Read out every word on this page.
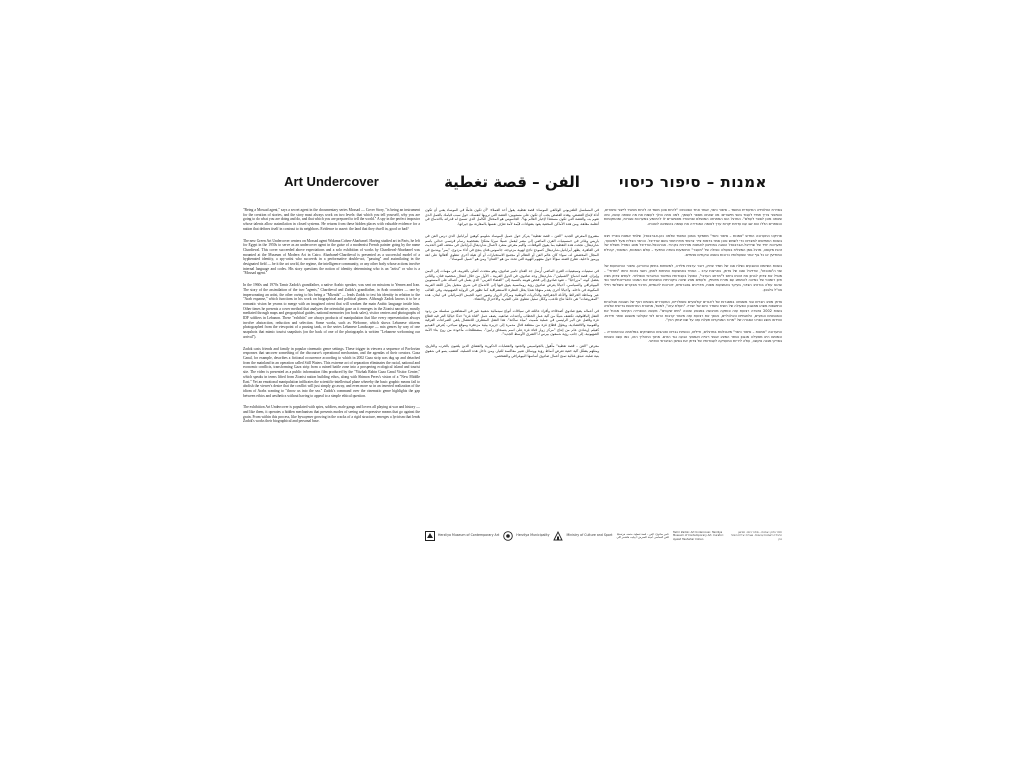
Art Undercover

"Being a Mossad agent," says a secret agent in the documentary series Mossad — Cover Story, "is being an instrument for the creation of stories, and the story must always work on two levels: that which you tell yourself, why you are going to do what you are doing and do, and that which you are prepared to tell the world." A spy in the perfect impostor whose talents allow assimilation in closed systems. He returns from these hidden places with valuable evidence for a nation that defines itself in contrast to its neighbors. Evidence to assert: the land that they dwell in, good or bad?

The new Green Art Undercover centers on Mossad agent Widama Cohen-Abarbanel. Having studied art in Paris, he left for Egypt in the 1950s to serve as an undercover agent in the guise of a modernist French painter going by the name Chardieval. This cover succeeded above expectations and a solo exhibition of works by Chardieval-Abarbanel was mounted at the Museum of Modern Art in Cairo. Abarbanel-Chardieval is presented as a successful model of a hyphenated identity, a spy-artist who succeeds in a performative double-act, "passing" and assimilating in the designated field — be it the art world, the regime, the intelligence community, or any other body whose actions involve internal language and codes. His story questions the notion of identity determining who is an "artist" or who is a "Mossad agent."

In the 1960s and 1970s Tamir Zadok's grandfather, a native Arabic speaker, was sent on missions to Yemen and Iran. The story of the assimilation of the two "agents," Chardieval and Zadok's grandfather, in Arab countries — one by impersonating an artist, the other owing to his being a "Mizrahi" — leads Zadok to test his identity in relation to the "Arab expanse," which functions in his work on biographical and political planes. Although Zadok knows it to be a romantic vision he yearns to merge with an imagined orient that will weaken the main Arabic language inside him. Other times he presents a cover method that analyzes the orientalist gaze as it emerges in the Zionist narrative, mostly mediated through maps and geographical guides, national memories (on book sales), visitor centers and photographs of IDF soldiers in Lebanon. These "exhibits" are always products of manipulation that like every representation always involve abstraction, reduction and selection. Some works, such as Welcome, which shows Lebanese citizens photographed from the viewpoint of a passing tank, or the series Lebanese Landscape — mix genres by way of one snapshots that mimic tourist snapshots (on the back of one of the photographs is written "Lebanese welcoming our arrival").

Zadok casts friends and family in popular cinematic genre settings. These trigger in viewers a sequence of Pavlovian responses that uncover something of the discourse's operational mechanism, and the agendas of their creators. Gaza Canal, for example, describes a fictional occurrence according to which in 2002 Gaza strip was dug up and detached from the mainland in an operation called Still Waters. This extreme act of separation eliminates the racial, national and economic conflicts, transforming Gaza strip from a ruined battle zone into a prospering ecological island and tourist site. The video is presented as a public information film produced by the "Yitzhak Rabin Gaza Canal Visitor Center," which speaks in terms lifted from Zionist nation building ethos, along with Shimon Peres's vision of a "New Middle East." Yet an emotional manipulation infiltrates the scientific-intellectual plane whereby the basic graphic means fail to abolish the viewer's desire that the conflict will just simply go away, and even more so in an inverted realization of the idiom of Arabs wanting to "throw us into the sea." Zadok's command over the cinematic genre highlights the gap between ethics and aesthetics without having to appeal to a simple ethical question.

The exhibition Art Undercover is populated with spies, soldiers, male gangs and lovers all playing at war and history — and like them, it operates a hidden mechanism that presents modes of seeing and expressive means that go against the grain. From within this process, like bywaymer growing in the cracks of a rigid structure, emerges a lyricism that lends Zadok's works their biographical and personal base.

الفن – قصة تغطية

في المسلسل التلفزيوني الوثائقي الموساد: قصة تغطية، يقول أحد العملاء: "أن تكون عاملًا في الموساد يعني أن تكون أداة لإنتاج القصص، وهذه القصص يجب أن تكون على مستويين: القصة التي ترويها لنفسك، حول سبب قيامك بالعمل الذي تقوم به، والقصة التي تكون مستعدًا لإخبار العالم بها". الجاسوس هو المحتال الكامل الذي تسمح له قدراته بالاندماج في أنظمة مغلقة، ومن هذه الأماكن المخفية يعود بشهادات قيّمة لأمة تعرّف نفسها بالمقارنة مع جيرانها.

مشروع المعرض الجديد "الفن – قصة تغطية" يتركز حول عميل الموساد شلومو كوهين أبرابانيل الذي درس الفن في باريس وغادر في خمسينيات القرن الماضي إلى مصر ليعمل عميلًا سريًا متنكرًا بشخصية رسام فرنسي حداثي باسم شارديفال. نجحت هذه التغطية بما يفوق التوقعات، وأقيم معرض منفرد لأعمال شارديفال-أبرابانيل في متحف الفن الحديث في القاهرة. يظهر أبرابانيل-شارديفال كنموذج ناجح لهوية مزدوجة، جاسوس-فنان ينجح في أداء مزدوج، "يمر" ويندمج في المجال المخصص له، سواء كان عالم الفن أو النظام أو مجتمع الاستخبارات أو أي هيئة أخرى تنطوي أفعالها على لغة ورموز داخلية. تطرح قصته سؤالًا حول مفهوم الهوية التي تحدد من هو "الفنان" ومن هو "عميل الموساد".

في ستينيات وسبعينيات القرن الماضي أُرسل جد الفنان تامير صادوق، وهو متحدث أصلي بالعربية، في مهمات إلى اليمن وإيران. قصة اندماج "العميلين"، شارديفال وجد صادوق، في الدول العربية – الأول من خلال انتحال شخصية فنان، والثاني بفضل كونه "مزراحيًا" – تقود صادوق إلى فحص هويته بالنسبة إلى "الفضاء العربي" الذي يعمل في أعماله على المستويين البيوغرافي والسياسي. أحيانًا يعرض صادوق رؤية رومانسية يتوق فيها إلى الاندماج في شرق متخيل يعزّز اللغة العربية المكبوتة في داخله. وأحيانًا أخرى يقدم منهجًا نقديًا يحلل النظرة الاستشراقية كما تظهر في الرواية الصهيونية، وفي الغالب عبر وساطة الخرائط والأدلة الجغرافية والذكريات الوطنية ومراكز الزوار وصور جنود الجيش الإسرائيلي في لبنان. هذه "المعروضات" هي دائمًا نتاج تلاعب، وككل تمثيل تنطوي على التجريد والاختزال والانتقاء.

في أعماله يضع صادوق أصدقاءه وأفراد عائلته في سياقات أنواع سينمائية شعبية تثير في المشاهدين سلسلة من ردود الفعل البافلوفية، تكشف شيئًا من آلية عمل الخطاب وأجندات صانعيه. يصف عمل "قناة غزة" حدثًا خياليًا حُفر فيه قطاع غزة وفُصل عن البر الرئيسي في عملية سُميت "مياه ساكنة". هذا الفعل المتطرف للانفصال يلغي الصراعات العرقية والقومية والاقتصادية، ويحوّل قطاع غزة من منطقة قتال مدمرة إلى جزيرة بيئية مزدهرة وموقع سياحي. يُعرض الفيديو كفيلم إرشادي عام من إنتاج "مركز زوار قناة غزة على اسم يتسحاق رابين"، بمصطلحات مأخوذة من روح بناء الأمة الصهيونية، إلى جانب رؤية شمعون بيرس لـ"الشرق الأوسط الجديد".

معرض "الفن – قصة تغطية" مأهول بالجواسيس والجنود والعصابات الذكورية والعشاق الذين يلعبون بالحرب والتاريخ، ومثلهم يشغّل آلية خفية تعرض أنماط رؤية ووسائل تعبير معاكسة للتيار. ومن داخل هذه العملية، كعشب ينمو في شقوق بنية صلبة، تنبثق غنائية تمنح أعمال صادوق أساسها البيوغرافي والشخصي.

אמנות – סיפור כיסוי

בסדרת הטלוויזיה התיעודית המוסד – סיפור כיסוי, אומר אחד הסוכנים: "להיות סוכן מוסד זה להיות מכשיר לייצור סיפורים, והסיפור צריך תמיד לעבוד בשני מישורים: מה שאתה מספר לעצמך, למה אתה הולך לעשות את מה שאתה עושה, ומה שאתה מוכן לספר לעולם". המרגל הוא המתחזה המושלם שכישוריו מאפשרים לו להיטמע במערכות סגורות, ומהמקומות הנסתרים הללו הוא שב עם עדויות יקרות ערך לאומה המגדירה את עצמה בהשוואה לשכניה.

פרויקט התערוכה החדש "אמנות – סיפור כיסוי" מתמקד בסוכן המוסד שלמה כהן-אברבנאל, שלמד אמנות בפריז ויצא בשנות החמישים למצרים כדי לשמש סוכן סמוי בדמות צייר צרפתי מודרניסטי בשם שרדיבל. הכיסוי הצליח מעל למשוער, ותערוכת יחיד של שרדיבל-אברבנאל הוצגה במוזיאון לאמנות מודרנית בקהיר. אברבנאל-שרדיבל מוצג כמודל מוצלח של זהות מקופה, מרגל-אמן המצליח בפעולה כפולה של "מעבר" והיטמעות בשדה המיועד – עולם האמנות, המשטר, קהילת המודיעין או כל גוף אחר שפעולותיו כרוכות בשפה ובקודים פנימיים.

בשנות השישים והשבעים נשלח סבו של תמיר צדוק, דובר ערבית מלידה, למשימות בתימן ובאיראן. סיפור ההיטמעות של שני ה"סוכנים", שרדיבל וסבו של צדוק, בארצות ערב – האחד באמצעות התחזות לאמן, השני בזכות היותו "מזרחי" – מוביל את צדוק לבחון את זהותו ביחס ל"מרחב הערבי", הפועל בעבודותיו במישור הביוגרפי והפוליטי. לעתים צדוק מציג חזון רומנטי של כמיהה להתמזג עם מזרח מדומיין, ולעתים מציג שיטה ביקורתית המנתחת את המבט האוריינטליסטי כפי שהוא עולה בנרטיב הציוני, בעיקר באמצעות מפות, מדריכים גאוגרפיים, זיכרונות לאומיים, מרכזי מבקרים ותצלומי חיילי צה"ל בלבנון.

צדוק מציב חברים ובני משפחה במסגרות של ז'אנרים קולנועיים פופולריים, המעוררים בצופים רצף של תגובות פבלוביות החושפות משהו ממנגנון הפעולה של השיח ומסדר היום של יוצריו. "תעלת עזה", למשל, מתארת התרחשות בדיונית שלפיה בשנת 2002 נחפרה רצועת עזה ונותקה מהיבשה במבצע שכונה "מים שקטים". מעשה ההפרדה הקיצוני מבטל את הסכסוכים הגזעיים, הלאומיים והכלכליים, והופך את רצועת עזה מאזור קרבות הרוס לאי אקולוגי משגשג ואתר תיירות. הווידאו מוצג כסרט הסברה של "מרכז המבקרים תעלת עזה על שם יצחק רבין".

התערוכה "אמנות – סיפור כיסוי" מאוכלסת במרגלים, חיילים, כנופיות גברים ואוהבים המשחקים במלחמה ובהיסטוריה – וכמותם היא מפעילה מנגנון נסתר המציג אופני ראייה ואמצעי הבעה נגד הזרם. מתוך התהליך הזה, כמו עשב הצומח בסדקי מבנה נוקשה, עולה ליריות המעניקה לעבודותיו של צדוק את בסיסן הביוגרפי והאישי.

Herzliya Museum of Contemporary Art	Herzliya Municipality	Ministry of Culture and Sport تامير صادوق: الفن – قصة تغطية. متحف هرتسليا للفن المعاصر. أمينة المعرض: أييليت هاشحر كلي
Tamir Zadok: Art Undercover. Herzliya Museum of Contemporary Art. Curator: Ayelet Hashahar Cohen
תמיר צדוק: אמנות – סיפור כיסוי. מוזיאון הרצליה לאמנות עכשווית. אוצרת: איילת השחר כהן
